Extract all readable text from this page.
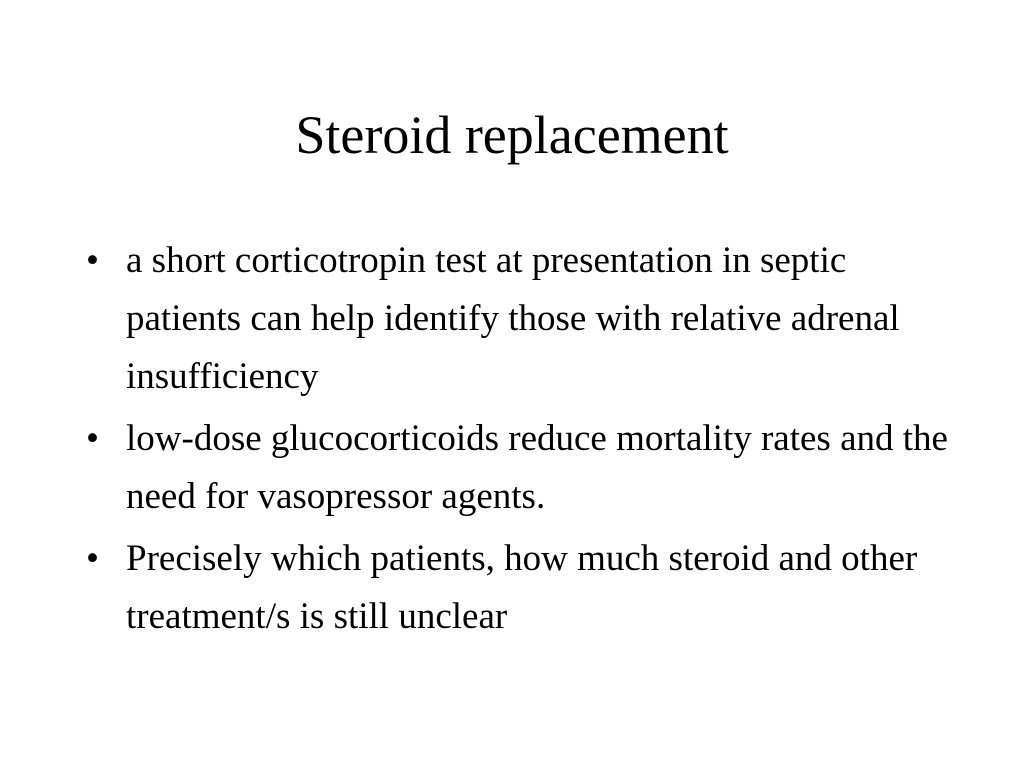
Steroid replacement
• a short corticotropin test at presentation in septic patients can help identify those with relative adrenal insufficiency
• low-dose glucocorticoids reduce mortality rates and the need for vasopressor agents.
• Precisely which patients, how much steroid and other treatment/s is still unclear
